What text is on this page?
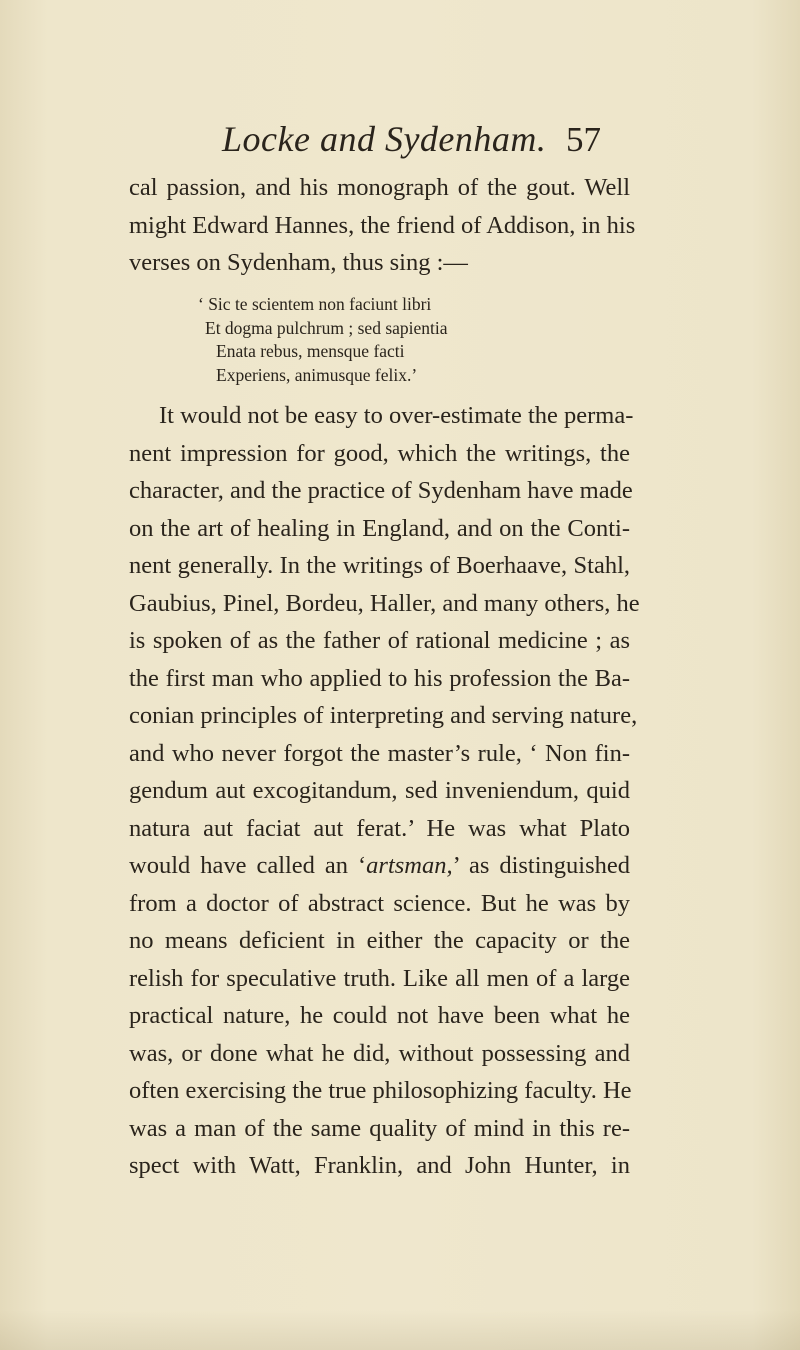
Locke and Sydenham. 57
cal passion, and his monograph of the gout. Well
might Edward Hannes, the friend of Addison, in his
verses on Sydenham, thus sing :—
‘ Sic te scientem non faciunt libri
Et dogma pulchrum ; sed sapientia
Enata rebus, mensque facti
Experiens, animusque felix.’
It would not be easy to over-estimate the perma-
nent impression for good, which the writings, the
character, and the practice of Sydenham have made
on the art of healing in England, and on the Conti-
nent generally. In the writings of Boerhaave, Stahl,
Gaubius, Pinel, Bordeu, Haller, and many others, he
is spoken of as the father of rational medicine ; as
the first man who applied to his profession the Ba-
conian principles of interpreting and serving nature,
and who never forgot the master’s rule, ‘ Non fin-
gendum aut excogitandum, sed inveniendum, quid
natura aut faciat aut ferat.’ He was what Plato
would have called an ‘artsman,’ as distinguished
from a doctor of abstract science. But he was by
no means deficient in either the capacity or the
relish for speculative truth. Like all men of a large
practical nature, he could not have been what he
was, or done what he did, without possessing and
often exercising the true philosophizing faculty. He
was a man of the same quality of mind in this re-
spect with Watt, Franklin, and John Hunter, in
